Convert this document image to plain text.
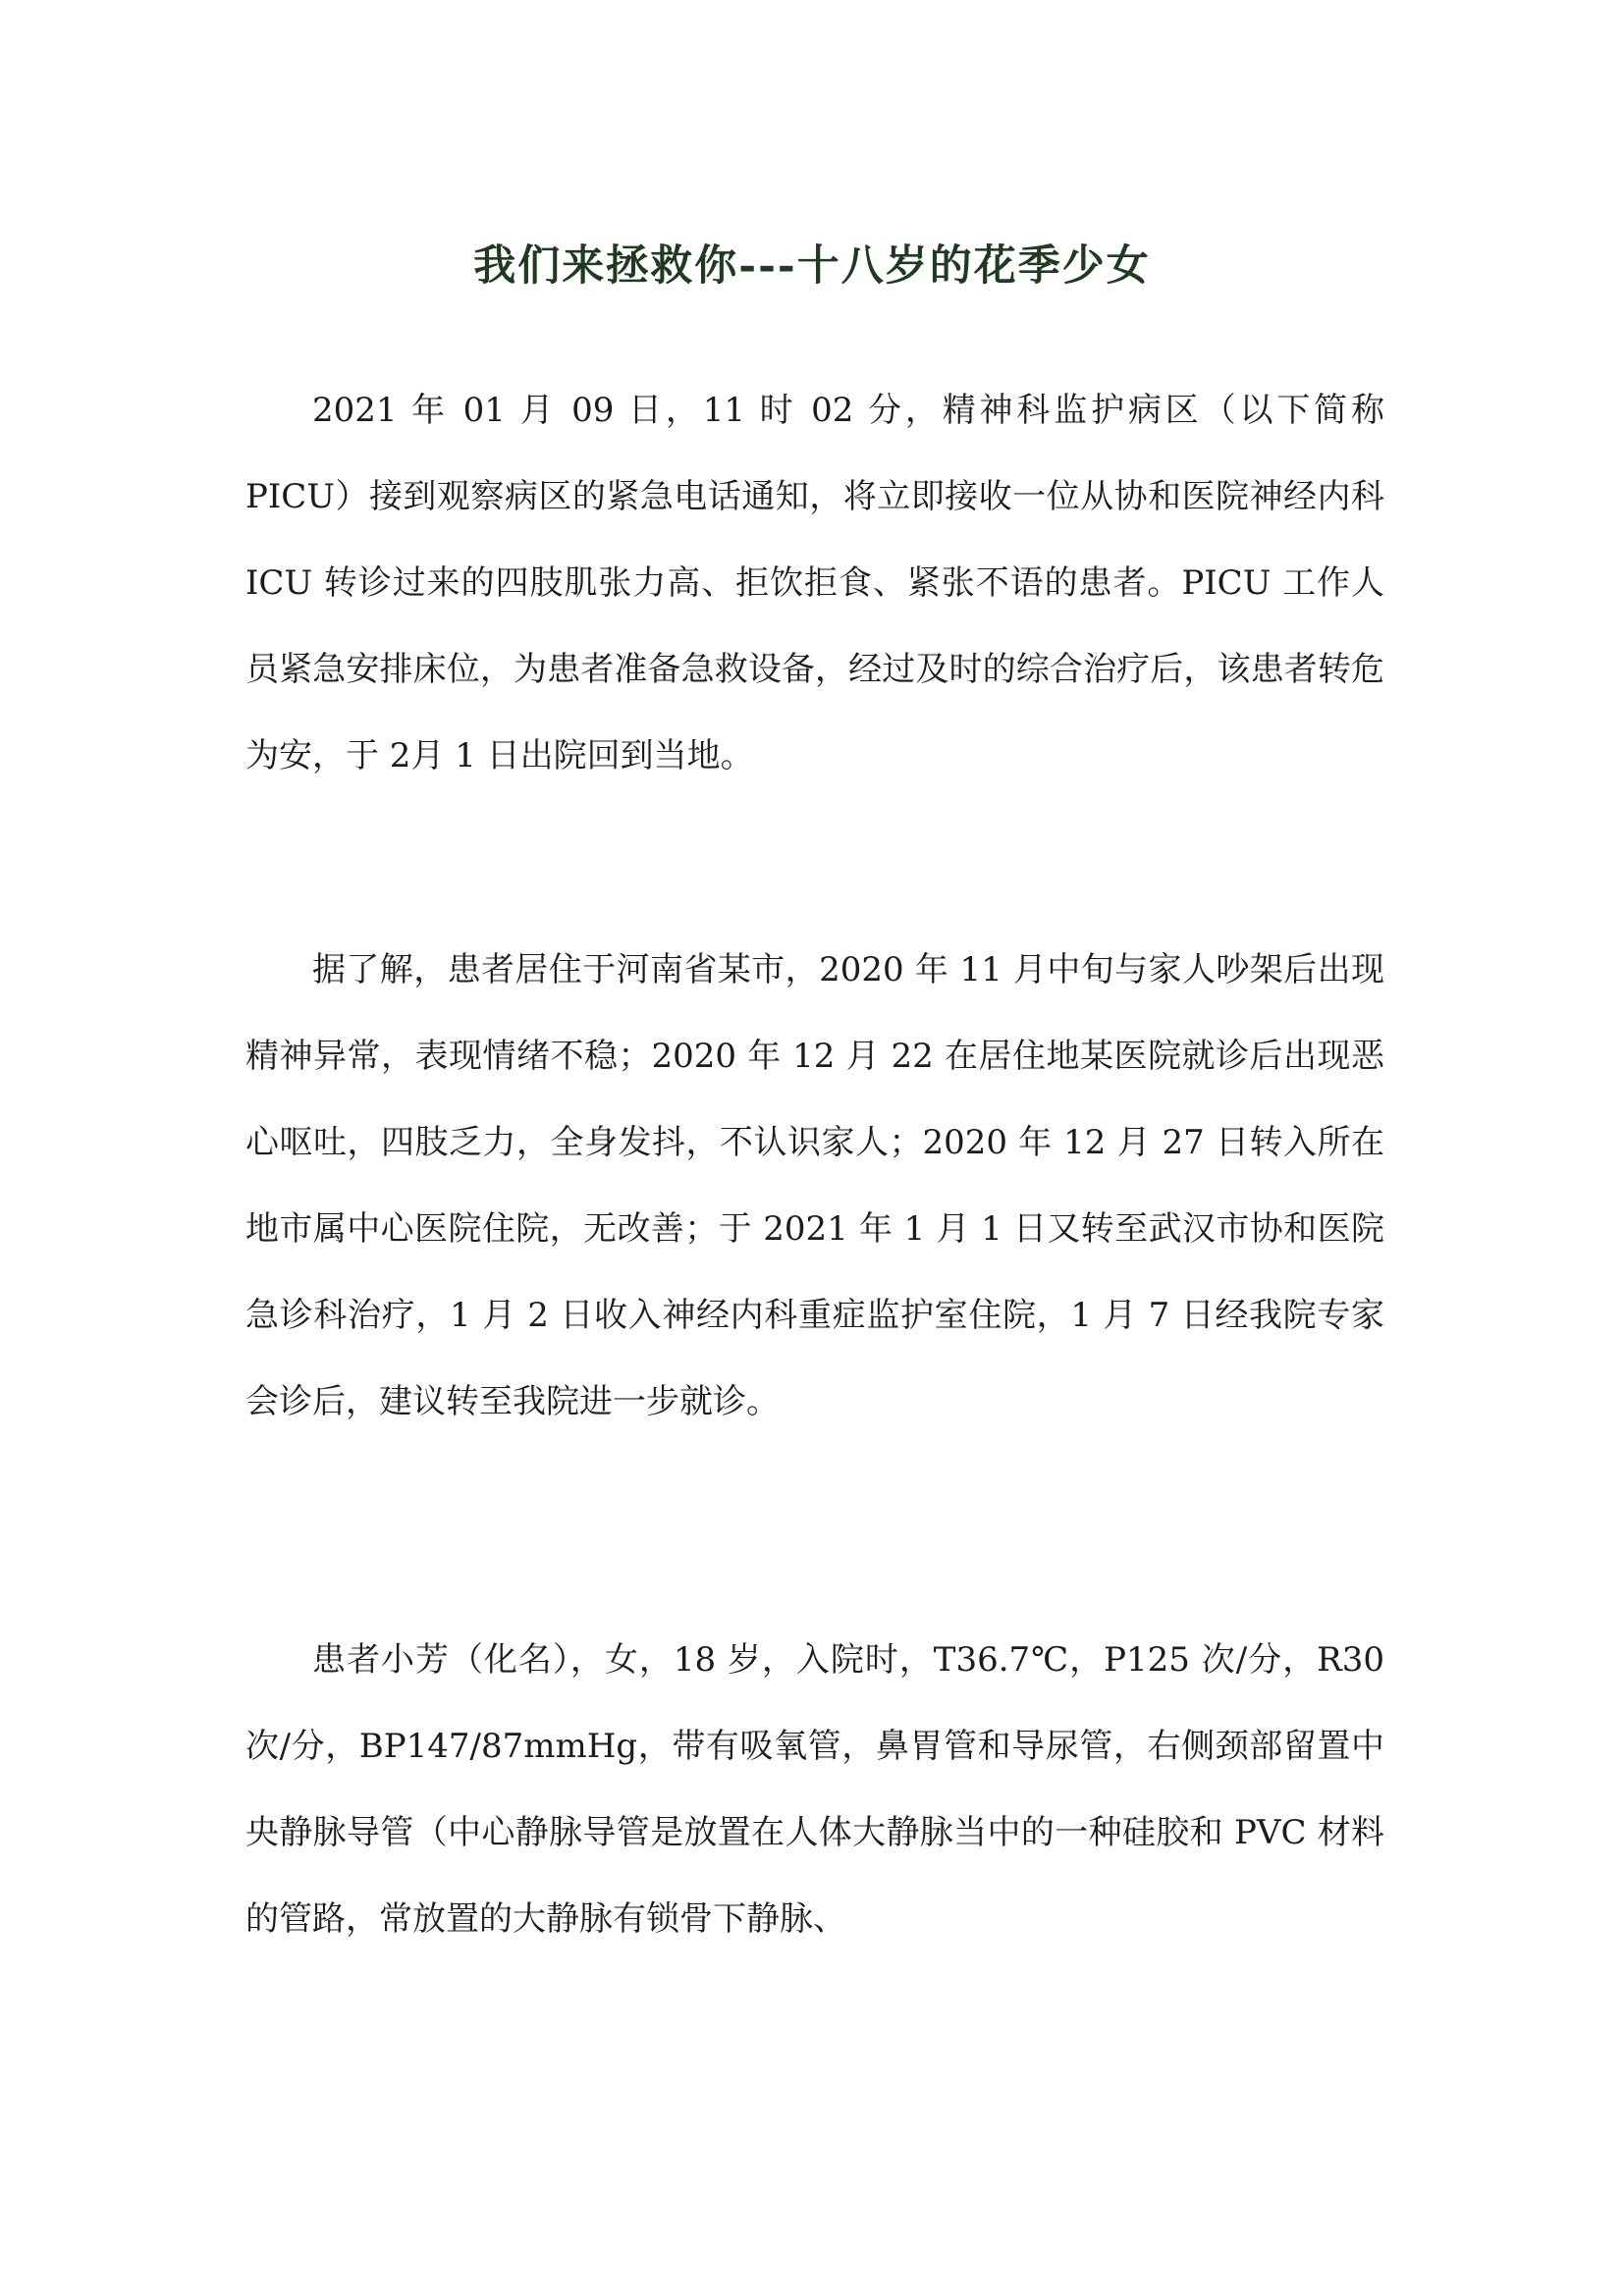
我们来拯救你---十八岁的花季少女

2021 年 01 月 09 日，11 时 02 分，精神科监护病区（以下简称 PICU）接到观察病区的紧急电话通知，将立即接收一位从协和医院神经内科 ICU 转诊过来的四肢肌张力高、拒饮拒食、紧张不语的患者。PICU 工作人员紧急安排床位，为患者准备急救设备，经过及时的综合治疗后，该患者转危为安，于 2月 1 日出院回到当地。

据了解，患者居住于河南省某市，2020 年 11 月中旬与家人吵架后出现精神异常，表现情绪不稳；2020 年 12 月 22 在居住地某医院就诊后出现恶心呕吐，四肢乏力，全身发抖，不认识家人；2020 年 12 月 27 日转入所在地市属中心医院住院，无改善；于 2021 年 1 月 1 日又转至武汉市协和医院急诊科治疗，1 月 2 日收入神经内科重症监护室住院，1 月 7 日经我院专家会诊后，建议转至我院进一步就诊。

患者小芳（化名），女，18 岁，入院时，T36.7℃，P125 次/分，R30 次/分，BP147/87mmHg，带有吸氧管，鼻胃管和导尿管，右侧颈部留置中央静脉导管（中心静脉导管是放置在人体大静脉当中的一种硅胶和 PVC 材料的管路，常放置的大静脉有锁骨下静脉、
